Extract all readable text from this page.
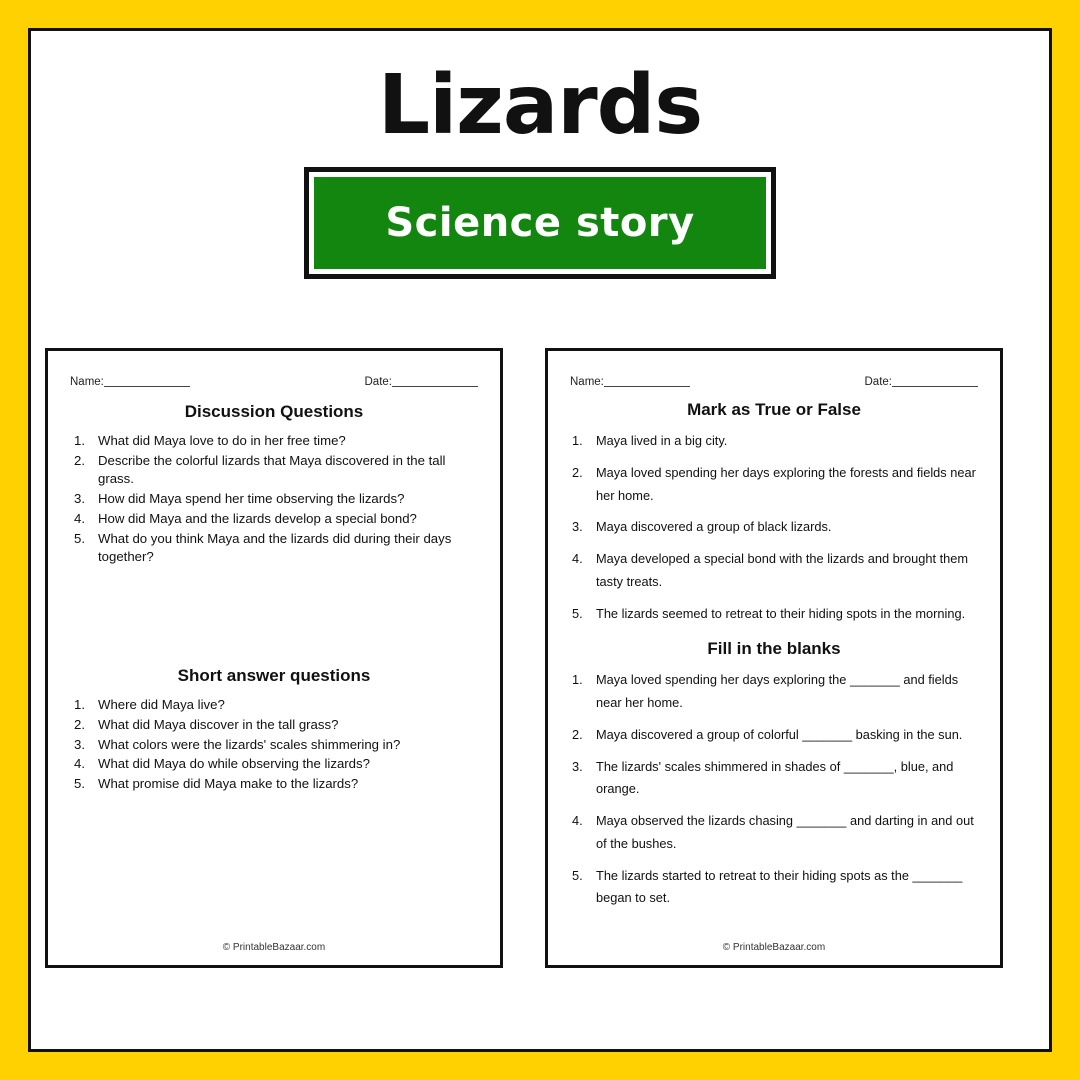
Lizards
Science story
Name:	Date:
Discussion Questions
What did Maya love to do in her free time?
Describe the colorful lizards that Maya discovered in the tall grass.
How did Maya spend her time observing the lizards?
How did Maya and the lizards develop a special bond?
What do you think Maya and the lizards did during their days together?
Short answer questions
Where did Maya live?
What did Maya discover in the tall grass?
What colors were the lizards' scales shimmering in?
What did Maya do while observing the lizards?
What promise did Maya make to the lizards?
© PrintableBazaar.com
Name:	Date:
Mark as True or False
Maya lived in a big city.
Maya loved spending her days exploring the forests and fields near her home.
Maya discovered a group of black lizards.
Maya developed a special bond with the lizards and brought them tasty treats.
The lizards seemed to retreat to their hiding spots in the morning.
Fill in the blanks
Maya loved spending her days exploring the _______ and fields near her home.
Maya discovered a group of colorful _______ basking in the sun.
The lizards' scales shimmered in shades of _______, blue, and orange.
Maya observed the lizards chasing _______ and darting in and out of the bushes.
The lizards started to retreat to their hiding spots as the _______ began to set.
© PrintableBazaar.com
